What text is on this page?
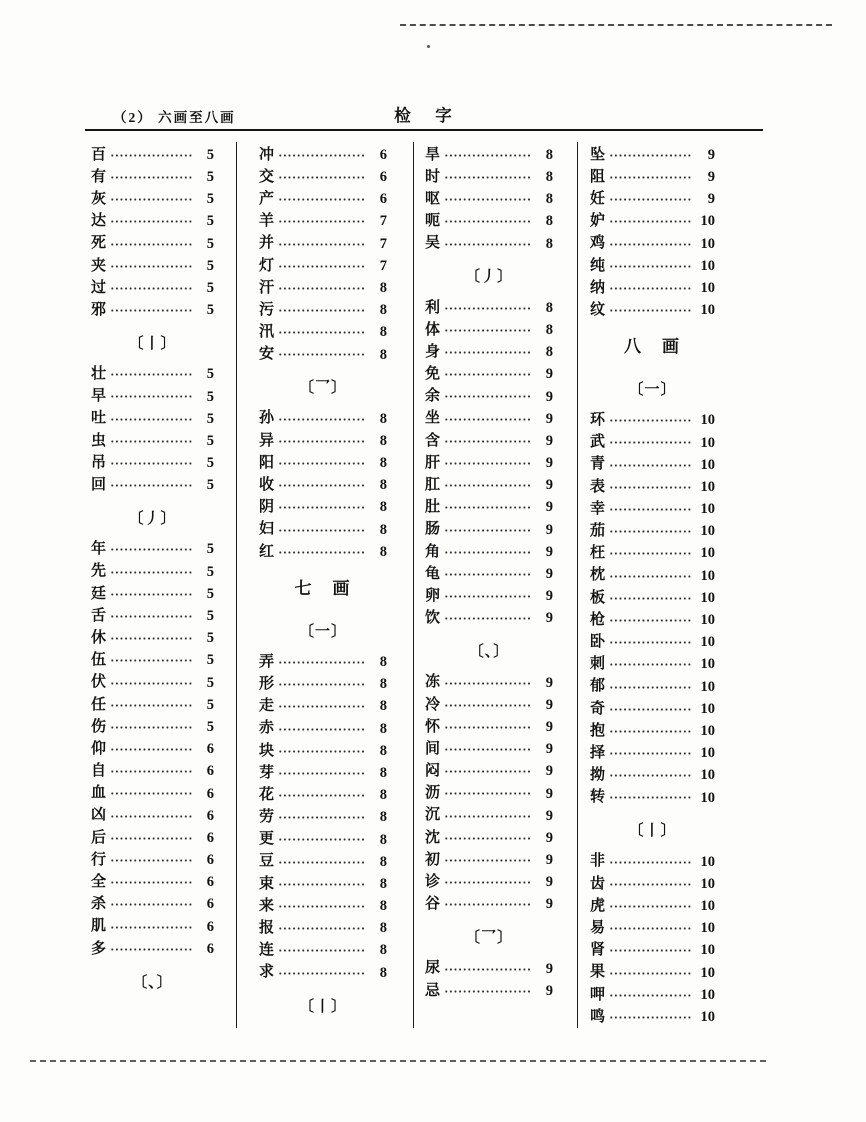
（2） 六画至八画	检　字
百	5
有	5
灰	5
达	5
死	5
夹	5
过	5
邪	5
〔丨〕
壮	5
早	5
吐	5
虫	5
吊	5
回	5
〔丿〕
年	5
先	5
廷	5
舌	5
休	5
伍	5
伏	5
任	5
伤	5
仰	6
自	6
血	6
凶	6
后	6
行	6
全	6
杀	6
肌	6
多	6
〔、〕
冲	6
交	6
产	6
羊	7
并	7
灯	7
汗	8
污	8
汛	8
安	8
〔乛〕
孙	8
异	8
阳	8
收	8
阴	8
妇	8
红	8
七　画
〔一〕
弄	8
形	8
走	8
赤	8
块	8
芽	8
花	8
劳	8
更	8
豆	8
束	8
来	8
报	8
连	8
求	8
〔丨〕
旱	8
时	8
呕	8
呃	8
吴	8
〔丿〕
利	8
体	8
身	8
免	9
余	9
坐	9
含	9
肝	9
肛	9
肚	9
肠	9
角	9
龟	9
卵	9
饮	9
〔、〕
冻	9
冷	9
怀	9
间	9
闷	9
沥	9
沉	9
沈	9
初	9
诊	9
谷	9
〔乛〕
尿	9
忌	9
坠	9
阻	9
妊	9
妒	10
鸡	10
纯	10
纳	10
纹	10
八　画
〔一〕
环	10
武	10
青	10
表	10
幸	10
茄	10
枉	10
枕	10
板	10
枪	10
卧	10
刺	10
郁	10
奇	10
抱	10
择	10
拗	10
转	10
〔丨〕
非	10
齿	10
虎	10
易	10
肾	10
果	10
呷	10
鸣	10
